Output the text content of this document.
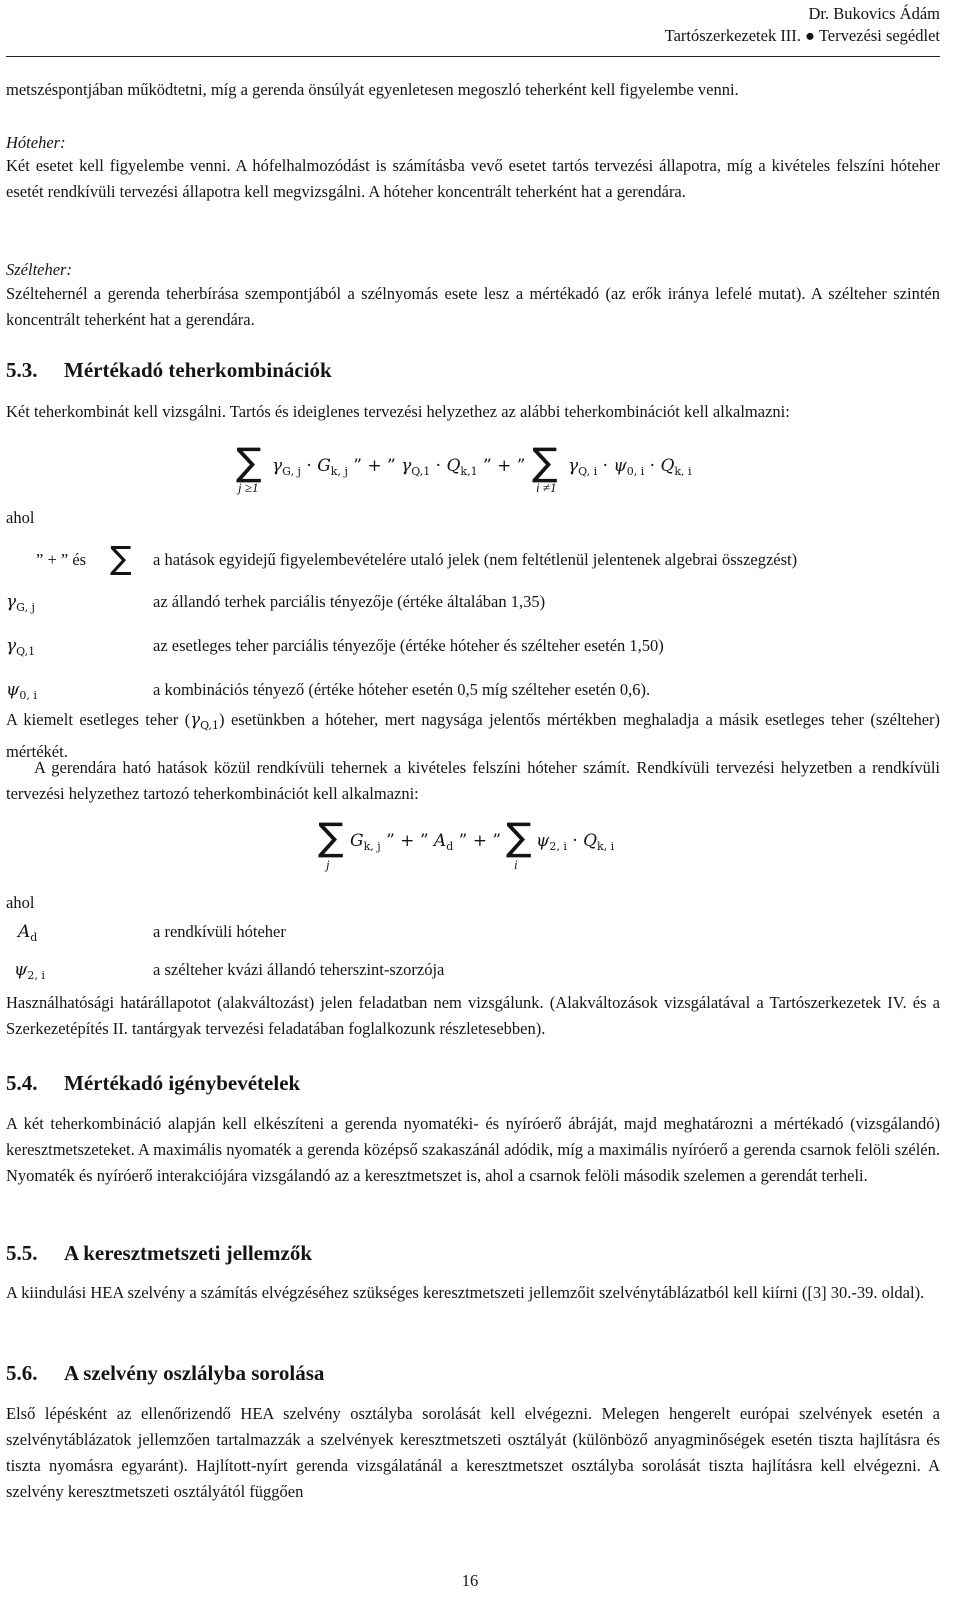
Dr. Bukovics Ádám
Tartószerkezetek III. ● Tervezési segédlet
metszéspontjában működtetni, míg a gerenda önsúlyát egyenletesen megoszló teherként kell figyelembe venni.
Hóteher:
Két esetet kell figyelembe venni. A hófelhalmozódást is számításba vevő esetet tartós tervezési állapotra, míg a kivételes felszíni hóteher esetét rendkívüli tervezési állapotra kell megvizsgálni. A hóteher koncentrált teherként hat a gerendára.
Szélteher:
Széltehernél a gerenda teherbírása szempontjából a szélnyomás esete lesz a mértékadó (az erők iránya lefelé mutat). A szélteher szintén koncentrált teherként hat a gerendára.
5.3. Mértékadó teherkombinációk
Két teherkombinát kell vizsgálni. Tartós és ideiglenes tervezési helyzethez az alábbi teherkombinációt kell alkalmazni:
∑
j ≥1
$\gamma_{G, j} \cdot G_{k, j}$ ” + ” $\gamma_{Q,1} \cdot Q_{k,1}$ ” + ” ∑
i ≠1
$\gamma_{Q, i} \cdot \psi_{0, i} \cdot Q_{k, i}$
ahol
” + ” és ∑ a hatások egyidejű figyelembevételére utaló jelek (nem feltétlenül jelentenek algebrai összegzést)
$\gamma_{G, j}$	az állandó terhek parciális tényezője (értéke általában 1,35)
$\gamma_{Q,1}$	az esetleges teher parciális tényezője (értéke hóteher és szélteher esetén 1,50)
$\psi_{0, i}$	a kombinációs tényező (értéke hóteher esetén 0,5 míg szélteher esetén 0,6).
A kiemelt esetleges teher $(\gamma_{Q,1})$ esetünkben a hóteher, mert nagysága jelentős mértékben meghaladja a másik esetleges teher (szélteher) mértékét.
A gerendára ható hatások közül rendkívüli tehernek a kivételes felszíni hóteher számít. Rendkívüli tervezési helyzetben a rendkívüli tervezési helyzethez tartozó teherkombinációt kell alkalmazni:
∑
j
$G_{k, j}$ ” + ” $A_d$ ” + ” ∑
i
$\psi_{2, i} \cdot Q_{k, i}$
ahol
$A_d$	a rendkívüli hóteher
$\psi_{2, i}$	a szélteher kvázi állandó teherszint-szorzója
Használhatósági határállapotot (alakváltozást) jelen feladatban nem vizsgálunk. (Alakváltozások vizsgálatával a Tartószerkezetek IV. és a Szerkezetépítés II. tantárgyak tervezési feladatában foglalkozunk részletesebben).
5.4. Mértékadó igénybevételek
A két teherkombináció alapján kell elkészíteni a gerenda nyomatéki- és nyíróerő ábráját, majd meghatározni a mértékadó (vizsgálandó) keresztmetszeteket. A maximális nyomaték a gerenda középső szakaszánál adódik, míg a maximális nyíróerő a gerenda csarnok felöli szélén. Nyomaték és nyíróerő interakciójára vizsgálandó az a keresztmetszet is, ahol a csarnok felöli második szelemen a gerendát terheli.
5.5. A keresztmetszeti jellemzők
A kiindulási HEA szelvény a számítás elvégzéséhez szükséges keresztmetszeti jellemzőit szelvénytáblázatból kell kiírni ([3] 30.-39. oldal).
5.6. A szelvény oszlályba sorolása
Első lépésként az ellenőrizendő HEA szelvény osztályba sorolását kell elvégezni. Melegen hengerelt európai szelvények esetén a szelvénytáblázatok jellemzően tartalmazzák a szelvények keresztmetszeti osztályát (különböző anyagminőségek esetén tiszta hajlításra és tiszta nyomásra egyaránt). Hajlított-nyírt gerenda vizsgálatánál a keresztmetszet osztályba sorolását tiszta hajlításra kell elvégezni. A szelvény keresztmetszeti osztályától függően
16
